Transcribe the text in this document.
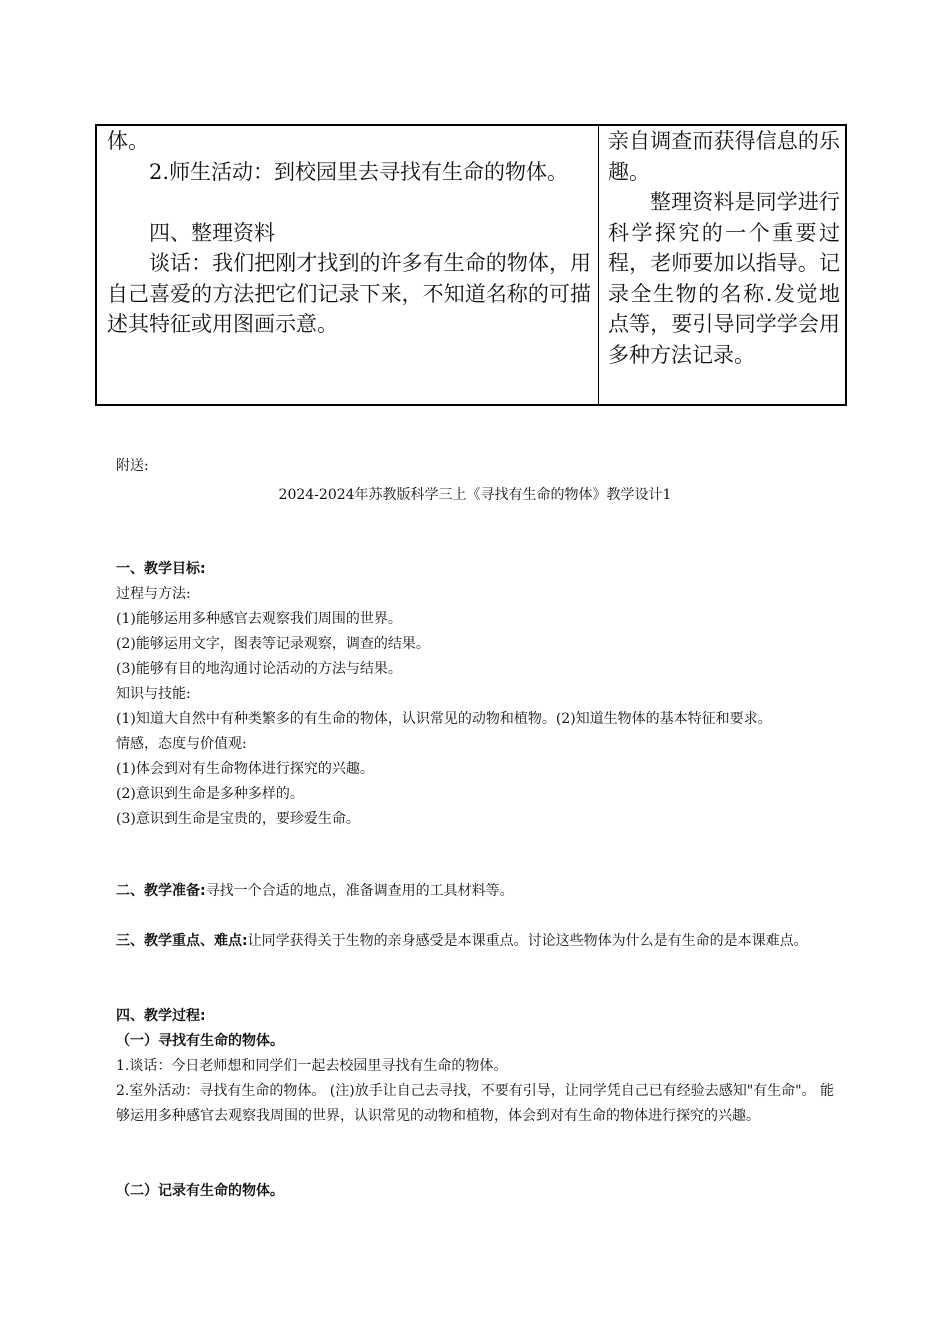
体。

2.师生活动：到校园里去寻找有生命的物体。

四、整理资料

谈话：我们把刚才找到的许多有生命的物体，用自己喜爱的方法把它们记录下来，不知道名称的可描述其特征或用图画示意。

亲自调查而获得信息的乐趣。

整理资料是同学进行科学探究的一个重要过程，老师要加以指导。记录全生物的名称.发觉地点等，要引导同学学会用多种方法记录。

附送:
2024-2024年苏教版科学三上《寻找有生命的物体》教学设计1

一、教学目标:

过程与方法:

(1)能够运用多种感官去观察我们周围的世界。

(2)能够运用文字，图表等记录观察，调查的结果。

(3)能够有目的地沟通讨论活动的方法与结果。

知识与技能:

(1)知道大自然中有种类繁多的有生命的物体，认识常见的动物和植物。(2)知道生物体的基本特征和要求。

情感，态度与价值观:

(1)体会到对有生命物体进行探究的兴趣。

(2)意识到生命是多种多样的。

(3)意识到生命是宝贵的，要珍爱生命。

二、教学准备:寻找一个合适的地点，准备调查用的工具材料等。

三、教学重点、难点:让同学获得关于生物的亲身感受是本课重点。讨论这些物体为什么是有生命的是本课难点。

四、教学过程:

（一）寻找有生命的物体。

1.谈话：今日老师想和同学们一起去校园里寻找有生命的物体。

2.室外活动：寻找有生命的物体。 (注)放手让自己去寻找，不要有引导，让同学凭自己已有经验去感知"有生命"。 能够运用多种感官去观察我周围的世界，认识常见的动物和植物，体会到对有生命的物体进行探究的兴趣。

（二）记录有生命的物体。
